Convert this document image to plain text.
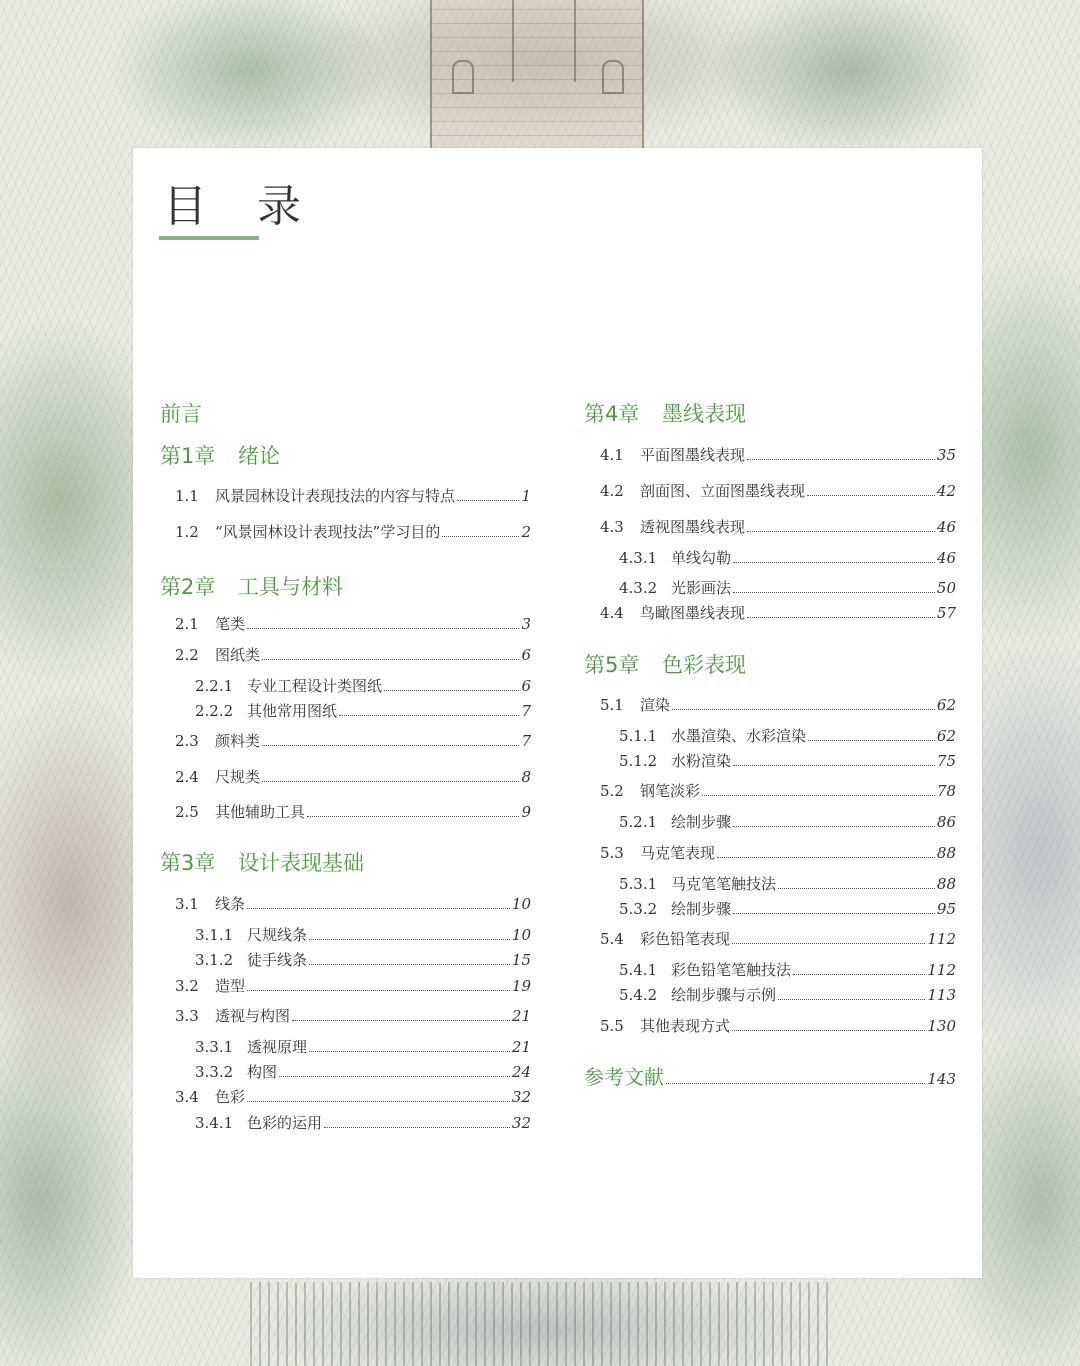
目 录
前言
第1章 绪论
1.1	风景园林设计表现技法的内容与特点	1
1.2	“风景园林设计表现技法”学习目的	2
第2章 工具与材料
2.1	笔类	3
2.2	图纸类	6
2.2.1 专业工程设计类图纸	6
2.2.2 其他常用图纸	7
2.3	颜料类	7
2.4	尺规类	8
2.5	其他辅助工具	9
第3章 设计表现基础
3.1	线条	10
3.1.1 尺规线条	10
3.1.2 徒手线条	15
3.2	造型	19
3.3	透视与构图	21
3.3.1 透视原理	21
3.3.2 构图	24
3.4	色彩	32
3.4.1 色彩的运用	32
第4章 墨线表现
4.1	平面图墨线表现	35
4.2	剖面图、立面图墨线表现	42
4.3	透视图墨线表现	46
4.3.1 单线勾勒	46
4.3.2 光影画法	50
4.4	鸟瞰图墨线表现	57
第5章 色彩表现
5.1	渲染	62
5.1.1 水墨渲染、水彩渲染	62
5.1.2 水粉渲染	75
5.2	钢笔淡彩	78
5.2.1 绘制步骤	86
5.3	马克笔表现	88
5.3.1 马克笔笔触技法	88
5.3.2 绘制步骤	95
5.4	彩色铅笔表现	112
5.4.1 彩色铅笔笔触技法	112
5.4.2 绘制步骤与示例	113
5.5	其他表现方式	130
参考文献	143
